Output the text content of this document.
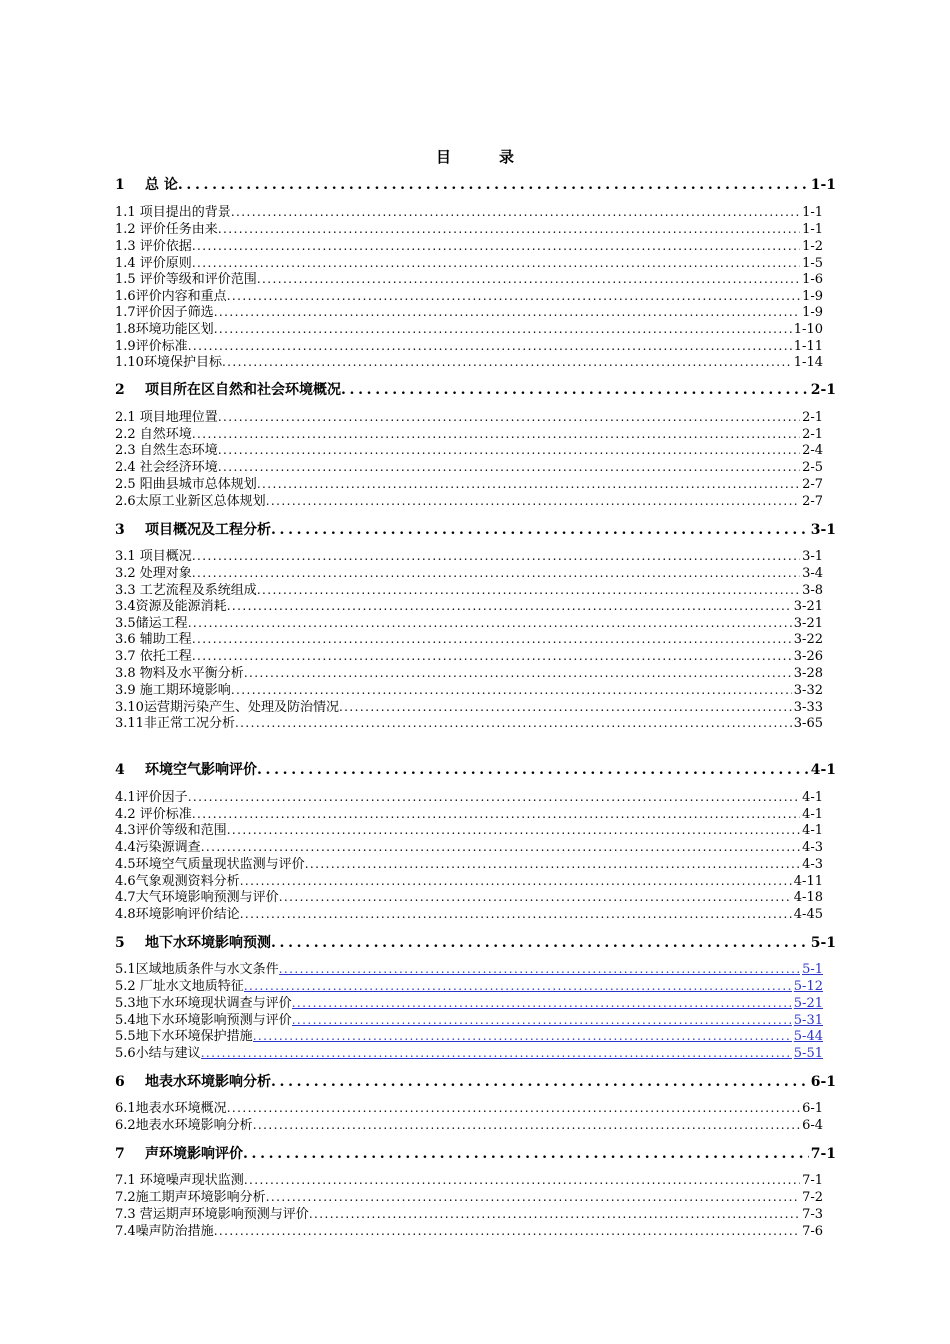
目	录
1	总 论 . . .	1-1
1.1 项目提出的背景 . . .	1-1
1.2 评价任务由来 . . .	1-1
1.3 评价依据 . . .	1-2
1.4 评价原则 . . .	1-5
1.5 评价等级和评价范围 . . .	1-6
1.6评价内容和重点 . . .	1-9
1.7评价因子筛选 . . .	1-9
1.8环境功能区划 . . .	1-10
1.9评价标准 . . .	1-11
1.10环境保护目标 . . .	1-14
2	项目所在区自然和社会环境概况 . . .	2-1
2.1 项目地理位置 . . .	2-1
2.2 自然环境 . . .	2-1
2.3 自然生态环境 . . .	2-4
2.4 社会经济环境 . . .	2-5
2.5 阳曲县城市总体规划 . . .	2-7
2.6太原工业新区总体规划 . . .	2-7
3	项目概况及工程分析 . . .	3-1
3.1 项目概况 . . .	3-1
3.2 处理对象 . . .	3-4
3.3 工艺流程及系统组成 . . .	3-8
3.4资源及能源消耗 . . .	3-21
3.5储运工程 . . .	3-21
3.6 辅助工程 . . .	3-22
3.7 依托工程 . . .	3-26
3.8 物料及水平衡分析 . . .	3-28
3.9 施工期环境影响 . . .	3-32
3.10运营期污染产生、处理及防治情况 . . .	3-33
3.11非正常工况分析 . . .	3-65
4	环境空气影响评价 . . .	4-1
4.1评价因子 . . .	4-1
4.2 评价标准 . . .	4-1
4.3评价等级和范围 . . .	4-1
4.4污染源调查 . . .	4-3
4.5环境空气质量现状监测与评价 . . .	4-3
4.6气象观测资料分析 . . .	4-11
4.7大气环境影响预测与评价 . . .	4-18
4.8环境影响评价结论 . . .	4-45
5	地下水环境影响预测 . . .	5-1
5.1区域地质条件与水文条件 . . .	5-1
5.2 厂址水文地质特征 . . .	5-12
5.3地下水环境现状调查与评价 . . .	5-21
5.4地下水环境影响预测与评价 . . .	5-31
5.5地下水环境保护措施 . . .	5-44
5.6小结与建议 . . .	5-51
6	地表水环境影响分析 . . .	6-1
6.1地表水环境概况 . . .	6-1
6.2地表水环境影响分析 . . .	6-4
7	声环境影响评价 . . .	7-1
7.1 环境噪声现状监测 . . .	7-1
7.2施工期声环境影响分析 . . .	7-2
7.3 营运期声环境影响预测与评价 . . .	7-3
7.4噪声防治措施 . . .	7-6
